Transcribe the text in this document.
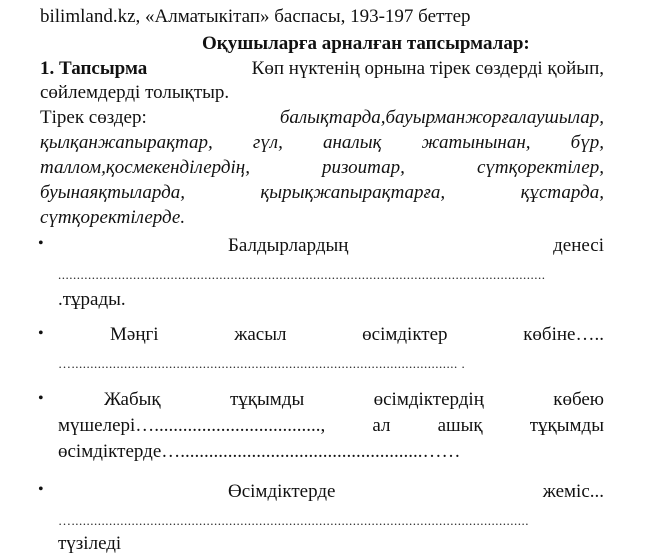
bilimland.kz, «Алматыкітап» баспасы, 193-197 беттер
Оқушыларға арналған тапсырмалар:
1. Тапсырма	Көп нүктенің орнына тірек сөздерді қойып,
сөйлемдерді толықтыр.
Тірек сөздер:	балықтарда,бауырманжорғалаушылар,
қылқанжапырақтар, гүл, аналық жатынынан, бүр,
таллом,қосмекенділердің,	ризоитар,	сүтқоректілер,
буынаяқтыларда,	қырықжапырақтарға,	құстарда,
сүтқоректілерде.
•	Балдырлардың	денесі
..................................................................................................................................
.тұрады.
•	Мәңгі	жасыл	өсімдіктер	көбіне…..
…....................................................................................................... .
•	Жабық	тұқымды	өсімдіктердің	көбею
мүшелері…..................................., ал ашық тұқымды
өсімдіктерде…...................................................……
•	Өсімдіктерде	жеміс...
…..........................................................................................................................
түзіледі
